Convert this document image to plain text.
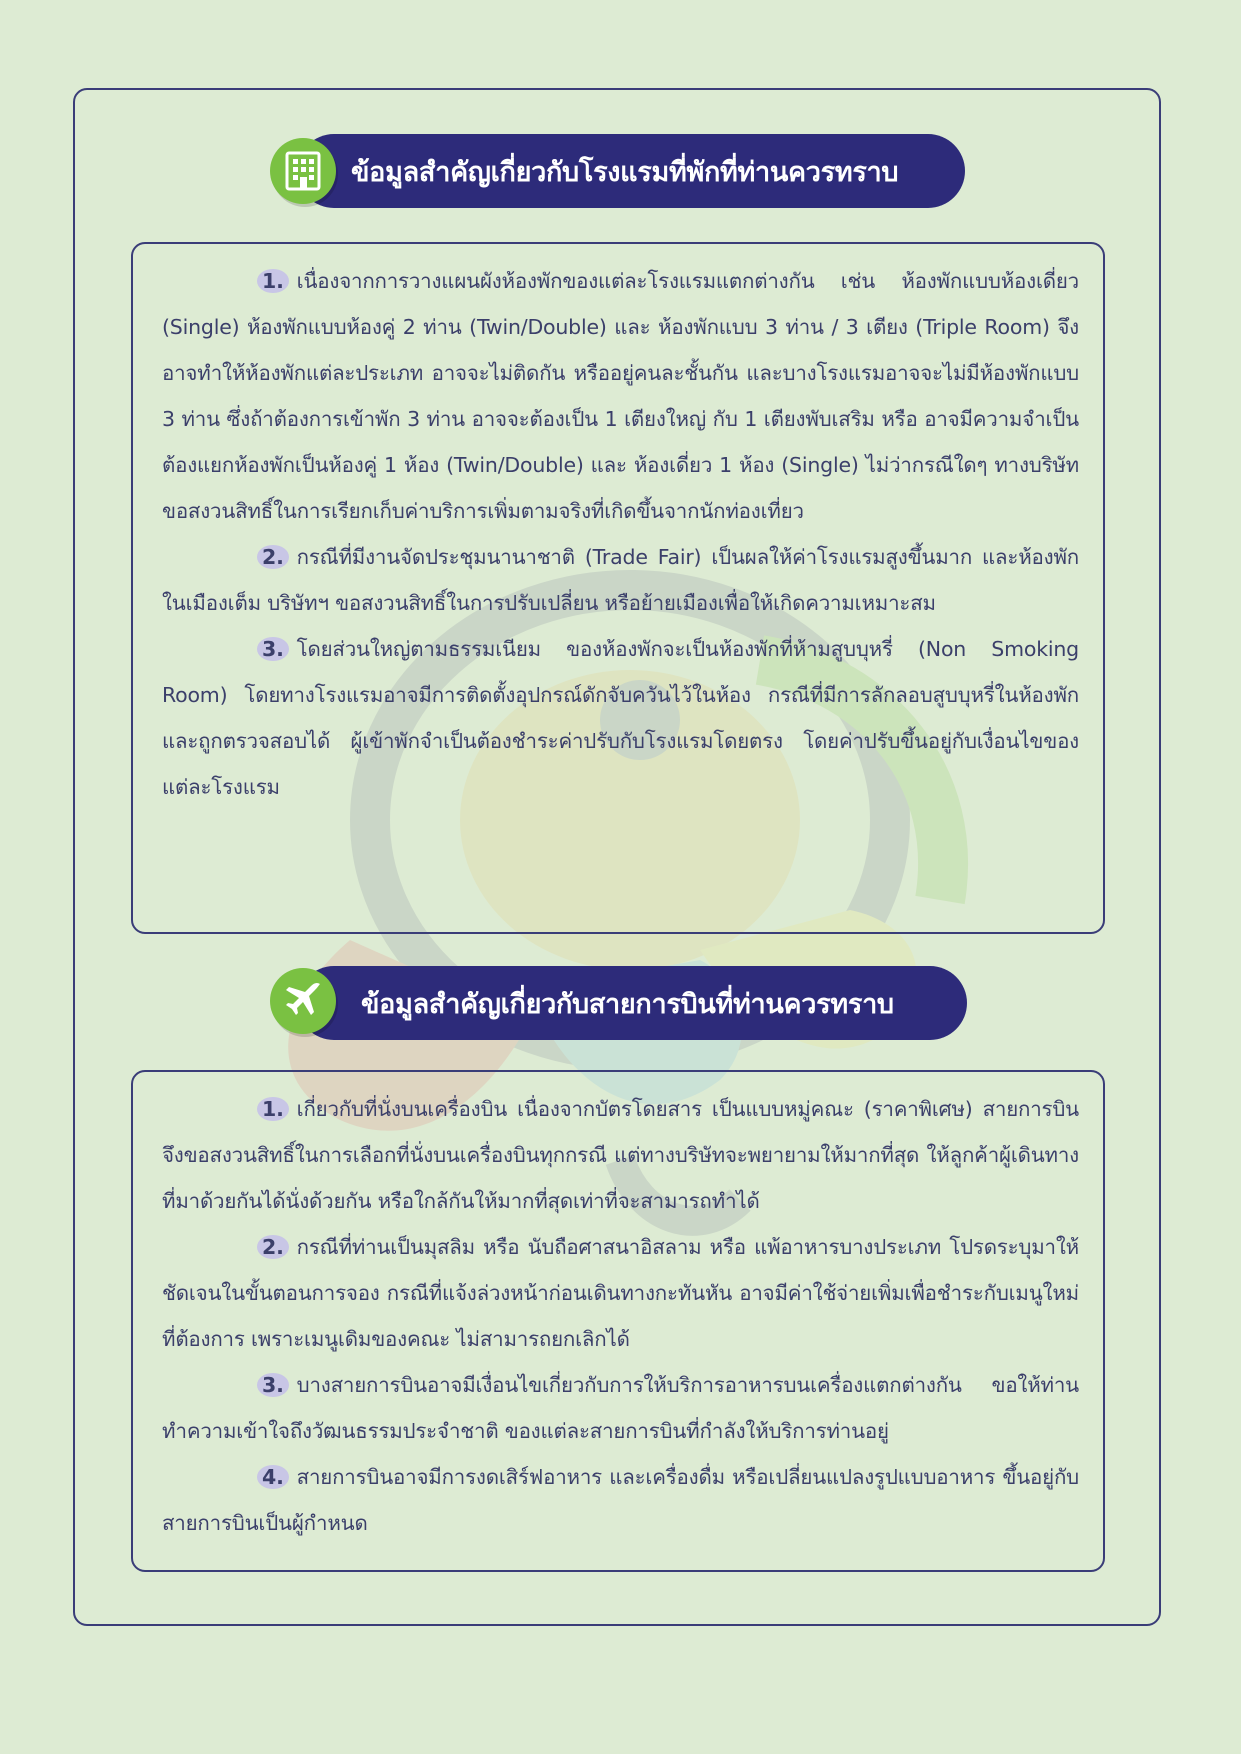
ข้อมูลสำคัญเกี่ยวกับโรงแรมที่พักที่ท่านควรทราบ

1. เนื่องจากการวางแผนผังห้องพักของแต่ละโรงแรมแตกต่างกัน เช่น ห้องพักแบบห้องเดี่ยว (Single) ห้องพักแบบห้องคู่ 2 ท่าน (Twin/Double) และ ห้องพักแบบ 3 ท่าน / 3 เตียง (Triple Room) จึงอาจทำให้ห้องพักแต่ละประเภท อาจจะไม่ติดกัน หรืออยู่คนละชั้นกัน และบางโรงแรมอาจจะไม่มีห้องพักแบบ 3 ท่าน ซึ่งถ้าต้องการเข้าพัก 3 ท่าน อาจจะต้องเป็น 1 เตียงใหญ่ กับ 1 เตียงพับเสริม หรือ อาจมีความจำเป็นต้องแยกห้องพักเป็นห้องคู่ 1 ห้อง (Twin/Double) และ ห้องเดี่ยว 1 ห้อง (Single) ไม่ว่ากรณีใดๆ ทางบริษัทขอสงวนสิทธิ์ในการเรียกเก็บค่าบริการเพิ่มตามจริงที่เกิดขึ้นจากนักท่องเที่ยว

2. กรณีที่มีงานจัดประชุมนานาชาติ (Trade Fair) เป็นผลให้ค่าโรงแรมสูงขึ้นมาก และห้องพักในเมืองเต็ม บริษัทฯ ขอสงวนสิทธิ์ในการปรับเปลี่ยน หรือย้ายเมืองเพื่อให้เกิดความเหมาะสม

3. โดยส่วนใหญ่ตามธรรมเนียม ของห้องพักจะเป็นห้องพักที่ห้ามสูบบุหรี่ (Non Smoking Room) โดยทางโรงแรมอาจมีการติดตั้งอุปกรณ์ดักจับควันไว้ในห้อง กรณีที่มีการลักลอบสูบบุหรี่ในห้องพัก และถูกตรวจสอบได้ ผู้เข้าพักจำเป็นต้องชำระค่าปรับกับโรงแรมโดยตรง โดยค่าปรับขึ้นอยู่กับเงื่อนไขของแต่ละโรงแรม

ข้อมูลสำคัญเกี่ยวกับสายการบินที่ท่านควรทราบ

1. เกี่ยวกับที่นั่งบนเครื่องบิน เนื่องจากบัตรโดยสาร เป็นแบบหมู่คณะ (ราคาพิเศษ) สายการบินจึงขอสงวนสิทธิ์ในการเลือกที่นั่งบนเครื่องบินทุกกรณี แต่ทางบริษัทจะพยายามให้มากที่สุด ให้ลูกค้าผู้เดินทางที่มาด้วยกันได้นั่งด้วยกัน หรือใกล้กันให้มากที่สุดเท่าที่จะสามารถทำได้

2. กรณีที่ท่านเป็นมุสลิม หรือ นับถือศาสนาอิสลาม หรือ แพ้อาหารบางประเภท โปรดระบุมาให้ชัดเจนในขั้นตอนการจอง กรณีที่แจ้งล่วงหน้าก่อนเดินทางกะทันหัน อาจมีค่าใช้จ่ายเพิ่มเพื่อชำระกับเมนูใหม่ที่ต้องการ เพราะเมนูเดิมของคณะ ไม่สามารถยกเลิกได้

3. บางสายการบินอาจมีเงื่อนไขเกี่ยวกับการให้บริการอาหารบนเครื่องแตกต่างกัน ขอให้ท่านทำความเข้าใจถึงวัฒนธรรมประจำชาติ ของแต่ละสายการบินที่กำลังให้บริการท่านอยู่

4. สายการบินอาจมีการงดเสิร์ฟอาหาร และเครื่องดื่ม หรือเปลี่ยนแปลงรูปแบบอาหาร ขึ้นอยู่กับสายการบินเป็นผู้กำหนด
